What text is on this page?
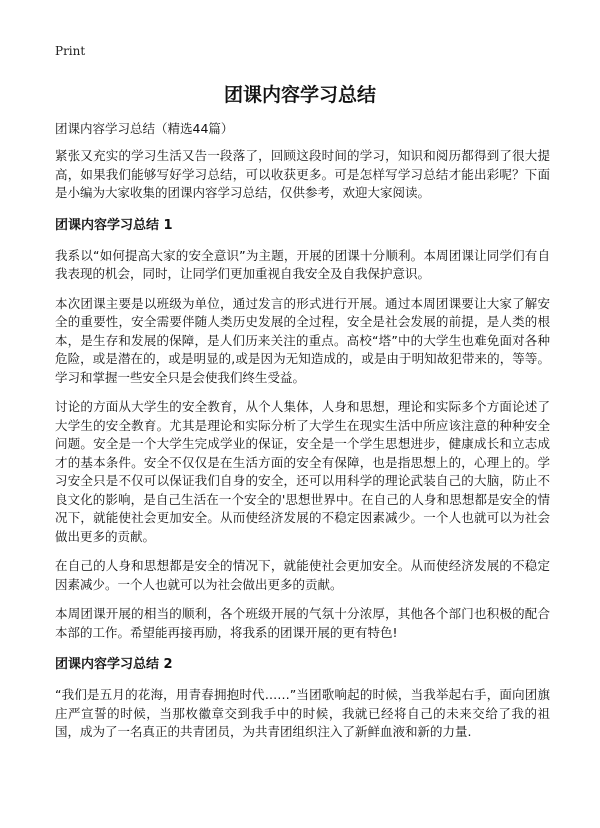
Print
团课内容学习总结
团课内容学习总结（精选44篇）

紧张又充实的学习生活又告一段落了，回顾这段时间的学习，知识和阅历都得到了很大提高，如果我们能够写好学习总结，可以收获更多。可是怎样写学习总结才能出彩呢？下面是小编为大家收集的团课内容学习总结，仅供参考，欢迎大家阅读。

团课内容学习总结 1

我系以“如何提高大家的安全意识”为主题，开展的团课十分顺利。本周团课让同学们有自我表现的机会，同时，让同学们更加重视自我安全及自我保护意识。

本次团课主要是以班级为单位，通过发言的形式进行开展。通过本周团课要让大家了解安全的重要性，安全需要伴随人类历史发展的全过程，安全是社会发展的前提，是人类的根本，是生存和发展的保障，是人们历来关注的重点。高校“塔”中的大学生也难免面对各种危险，或是潜在的，或是明显的,或是因为无知造成的，或是由于明知故犯带来的，等等。学习和掌握一些安全只是会使我们终生受益。

讨论的方面从大学生的安全教育，从个人集体，人身和思想，理论和实际多个方面论述了大学生的安全教育。尤其是理论和实际分析了大学生在现实生活中所应该注意的种种安全问题。安全是一个大学生完成学业的保证，安全是一个学生思想进步，健康成长和立志成才的基本条件。安全不仅仅是在生活方面的安全有保障，也是指思想上的，心理上的。学习安全只是不仅可以保证我们自身的安全，还可以用科学的理论武装自己的大脑，防止不良文化的影响，是自己生活在一个安全的'思想世界中。在自己的人身和思想都是安全的情况下，就能使社会更加安全。从而使经济发展的不稳定因素减少。一个人也就可以为社会做出更多的贡献。

在自己的人身和思想都是安全的情况下，就能使社会更加安全。从而使经济发展的不稳定因素减少。一个人也就可以为社会做出更多的贡献。

本周团课开展的相当的顺利，各个班级开展的气氛十分浓厚，其他各个部门也积极的配合本部的工作。希望能再接再励，将我系的团课开展的更有特色!

团课内容学习总结 2

“我们是五月的花海，用青春拥抱时代……”当团歌响起的时候，当我举起右手，面向团旗庄严宣誓的时候，当那枚徽章交到我手中的时候，我就已经将自己的未来交给了我的祖国，成为了一名真正的共青团员，为共青团组织注入了新鲜血液和新的力量.
